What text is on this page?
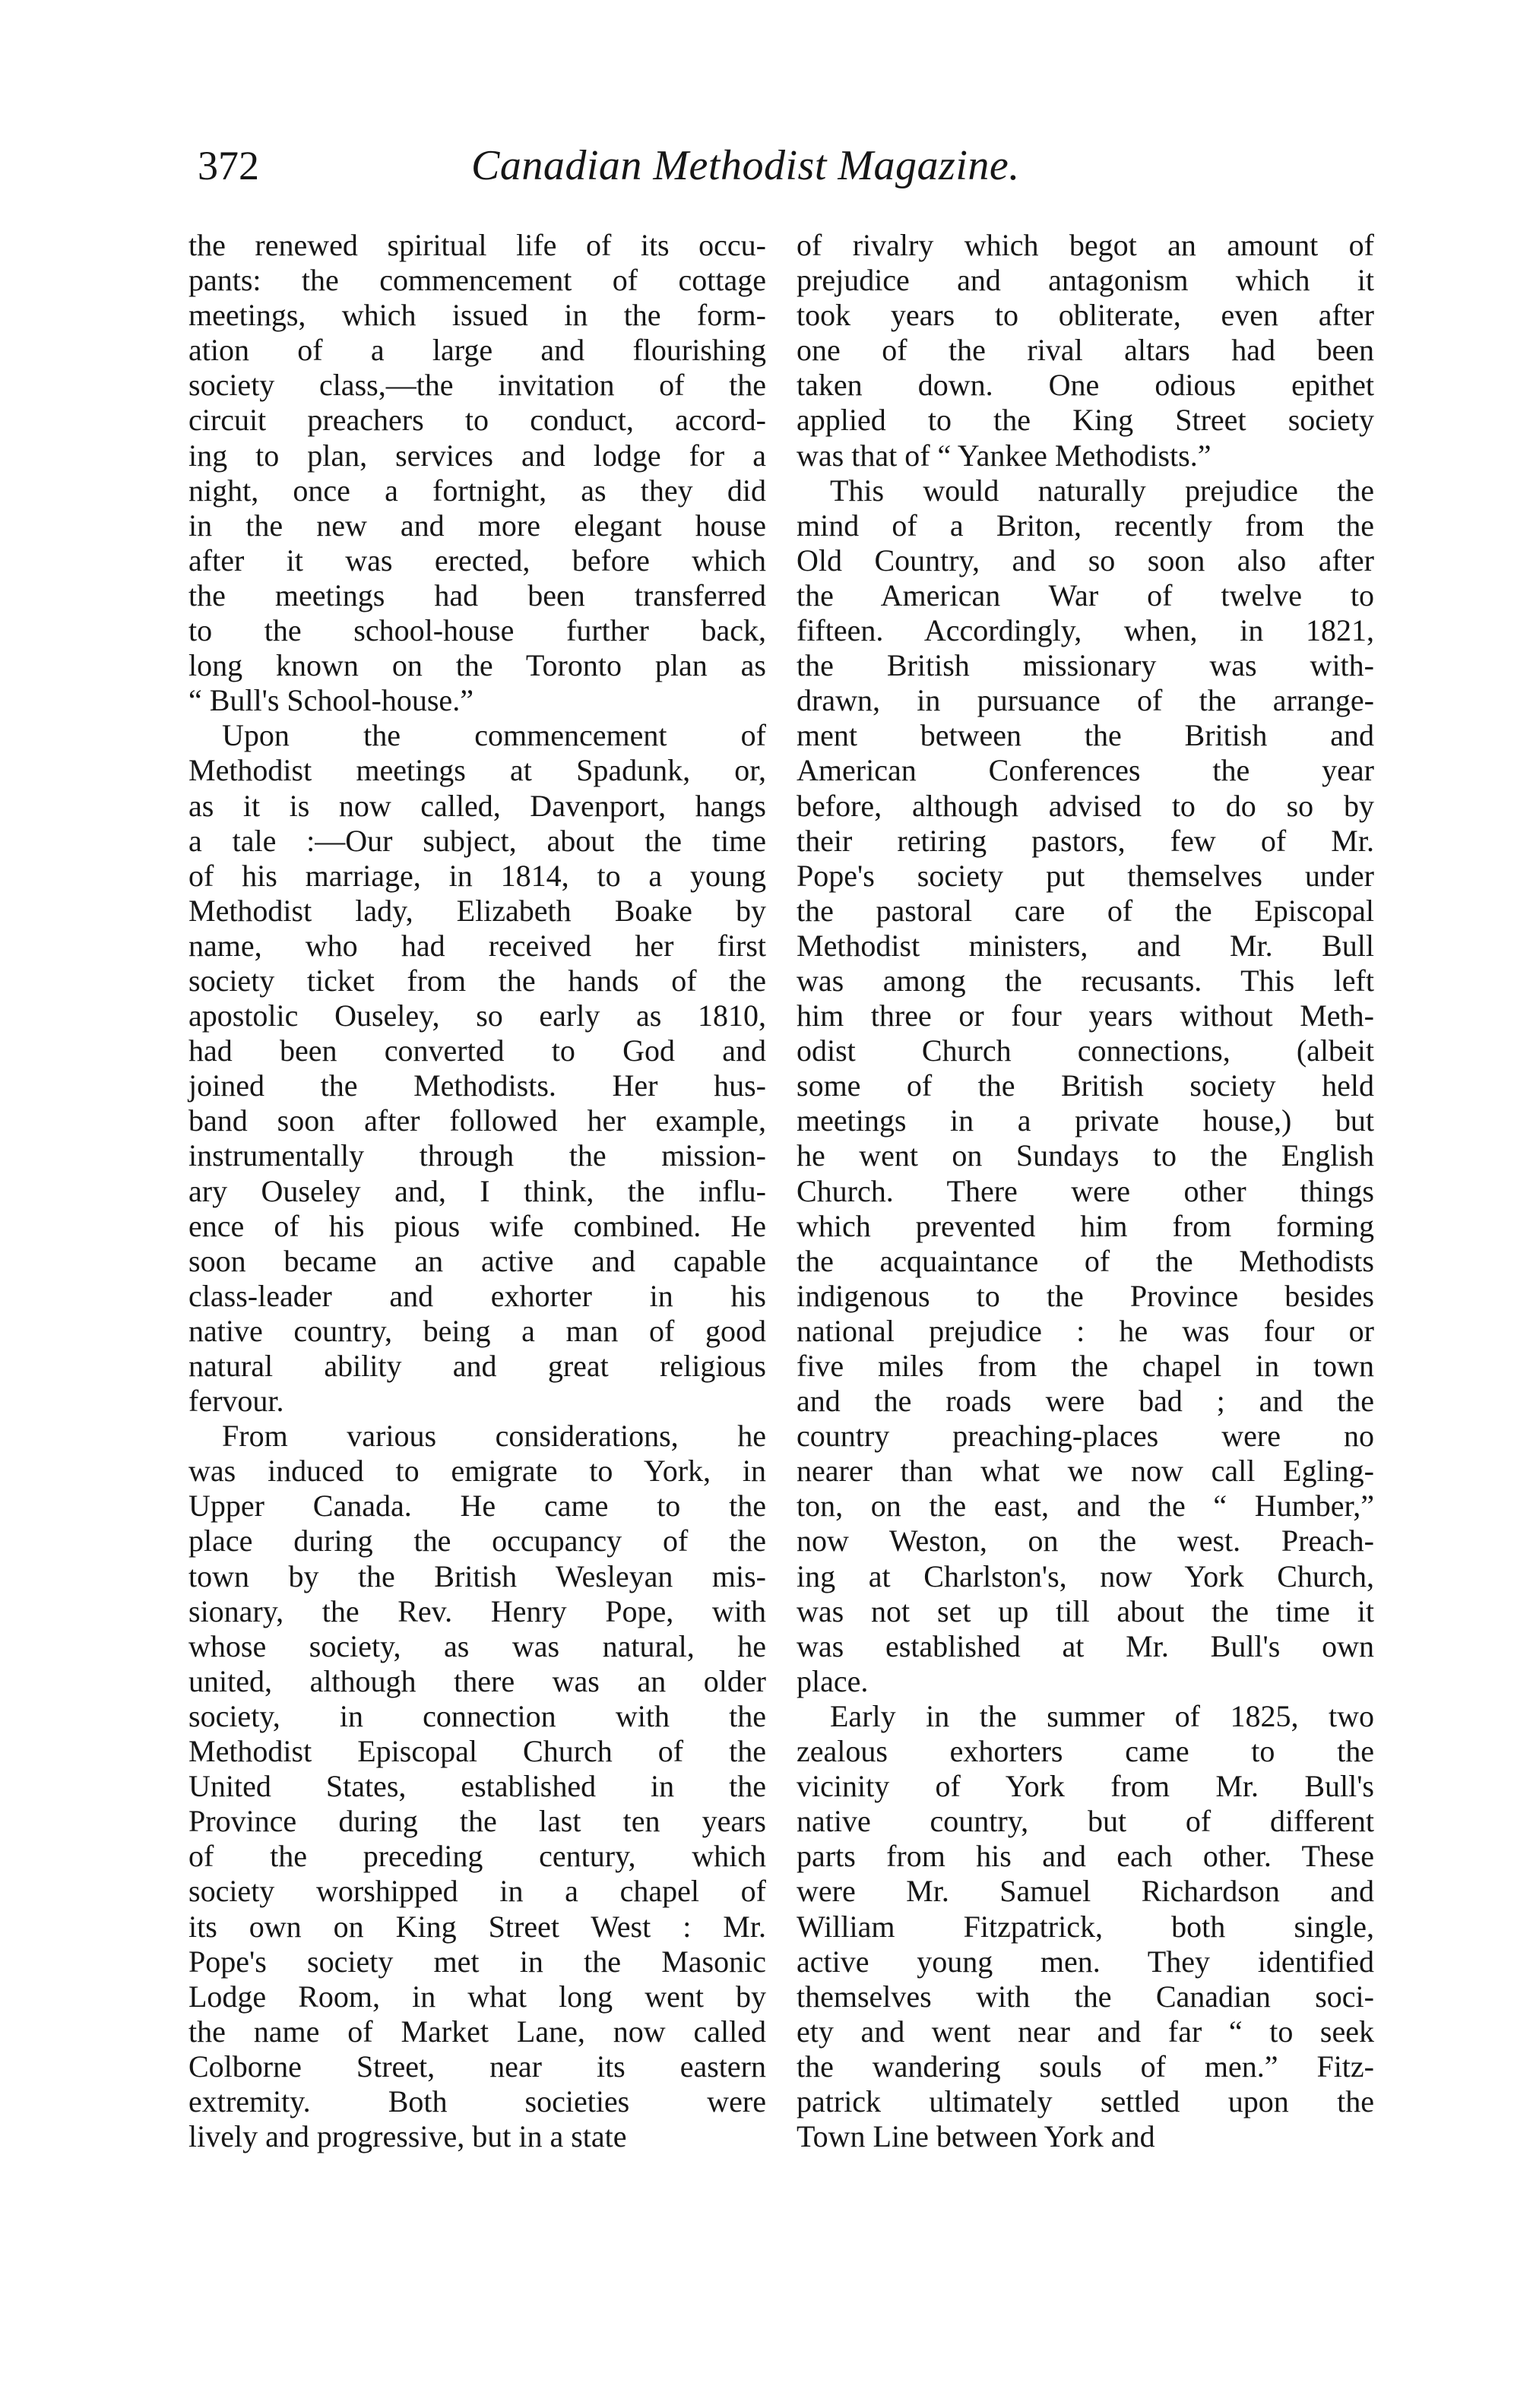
372	Canadian Methodist Magazine.

the renewed spiritual life of its occu-
pants: the commencement of cottage
meetings, which issued in the form-
ation of a large and flourishing
society class,—the invitation of the
circuit preachers to conduct, accord-
ing to plan, services and lodge for a
night, once a fortnight, as they did
in the new and more elegant house
after it was erected, before which
the meetings had been transferred
to the school-house further back,
long known on the Toronto plan as
“ Bull's School-house.”

Upon the commencement of
Methodist meetings at Spadunk, or,
as it is now called, Davenport, hangs
a tale :—Our subject, about the time
of his marriage, in 1814, to a young
Methodist lady, Elizabeth Boake by
name, who had received her first
society ticket from the hands of the
apostolic Ouseley, so early as 1810,
had been converted to God and
joined the Methodists. Her hus-
band soon after followed her example,
instrumentally through the mission-
ary Ouseley and, I think, the influ-
ence of his pious wife combined. He
soon became an active and capable
class-leader and exhorter in his
native country, being a man of good
natural ability and great religious
fervour.

From various considerations, he
was induced to emigrate to York, in
Upper Canada. He came to the
place during the occupancy of the
town by the British Wesleyan mis-
sionary, the Rev. Henry Pope, with
whose society, as was natural, he
united, although there was an older
society, in connection with the
Methodist Episcopal Church of the
United States, established in the
Province during the last ten years
of the preceding century, which
society worshipped in a chapel of
its own on King Street West : Mr.
Pope's society met in the Masonic
Lodge Room, in what long went by
the name of Market Lane, now called
Colborne Street, near its eastern
extremity. Both societies were
lively and progressive, but in a state

of rivalry which begot an amount of
prejudice and antagonism which it
took years to obliterate, even after
one of the rival altars had been
taken down. One odious epithet
applied to the King Street society
was that of “ Yankee Methodists.”

This would naturally prejudice the
mind of a Briton, recently from the
Old Country, and so soon also after
the American War of twelve to
fifteen. Accordingly, when, in 1821,
the British missionary was with-
drawn, in pursuance of the arrange-
ment between the British and
American Conferences the year
before, although advised to do so by
their retiring pastors, few of Mr.
Pope's society put themselves under
the pastoral care of the Episcopal
Methodist ministers, and Mr. Bull
was among the recusants. This left
him three or four years without Meth-
odist Church connections, (albeit
some of the British society held
meetings in a private house,) but
he went on Sundays to the English
Church. There were other things
which prevented him from forming
the acquaintance of the Methodists
indigenous to the Province besides
national prejudice : he was four or
five miles from the chapel in town
and the roads were bad ; and the
country preaching-places were no
nearer than what we now call Egling-
ton, on the east, and the “ Humber,”
now Weston, on the west. Preach-
ing at Charlston's, now York Church,
was not set up till about the time it
was established at Mr. Bull's own
place.

Early in the summer of 1825, two
zealous exhorters came to the
vicinity of York from Mr. Bull's
native country, but of different
parts from his and each other. These
were Mr. Samuel Richardson and
William Fitzpatrick, both single,
active young men. They identified
themselves with the Canadian soci-
ety and went near and far “ to seek
the wandering souls of men.” Fitz-
patrick ultimately settled upon the
Town Line between York and
